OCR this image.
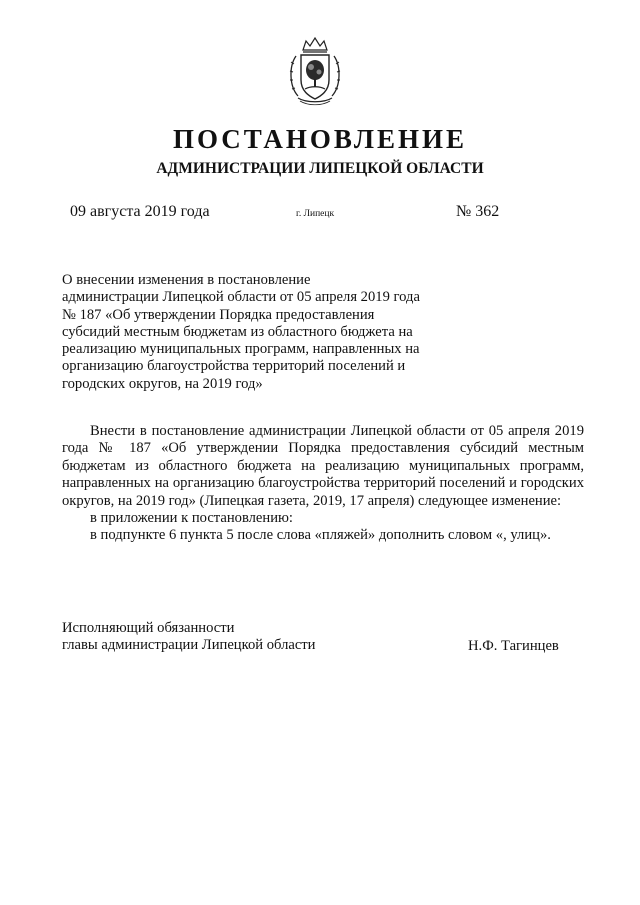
ПОСТАНОВЛЕНИЕ
АДМИНИСТРАЦИИ ЛИПЕЦКОЙ ОБЛАСТИ
09 августа 2019 года	г. Липецк	№ 362
О внесении изменения в постановление
администрации Липецкой области от 05 апреля 2019 года
№ 187 «Об утверждении Порядка предоставления
субсидий местным бюджетам из областного бюджета на
реализацию муниципальных программ, направленных на
организацию благоустройства территорий поселений и
городских округов, на 2019 год»

Внести в постановление администрации Липецкой области от 05 апреля 2019 года № 187 «Об утверждении Порядка предоставления субсидий местным бюджетам из областного бюджета на реализацию муниципальных программ, направленных на организацию благоустройства территорий поселений и городских округов, на 2019 год» (Липецкая газета, 2019, 17 апреля) следующее изменение:

в приложении к постановлению:

в подпункте 6 пункта 5 после слова «пляжей» дополнить словом «, улиц».

Исполняющий обязанности
главы администрации Липецкой области	Н.Ф. Тагинцев
